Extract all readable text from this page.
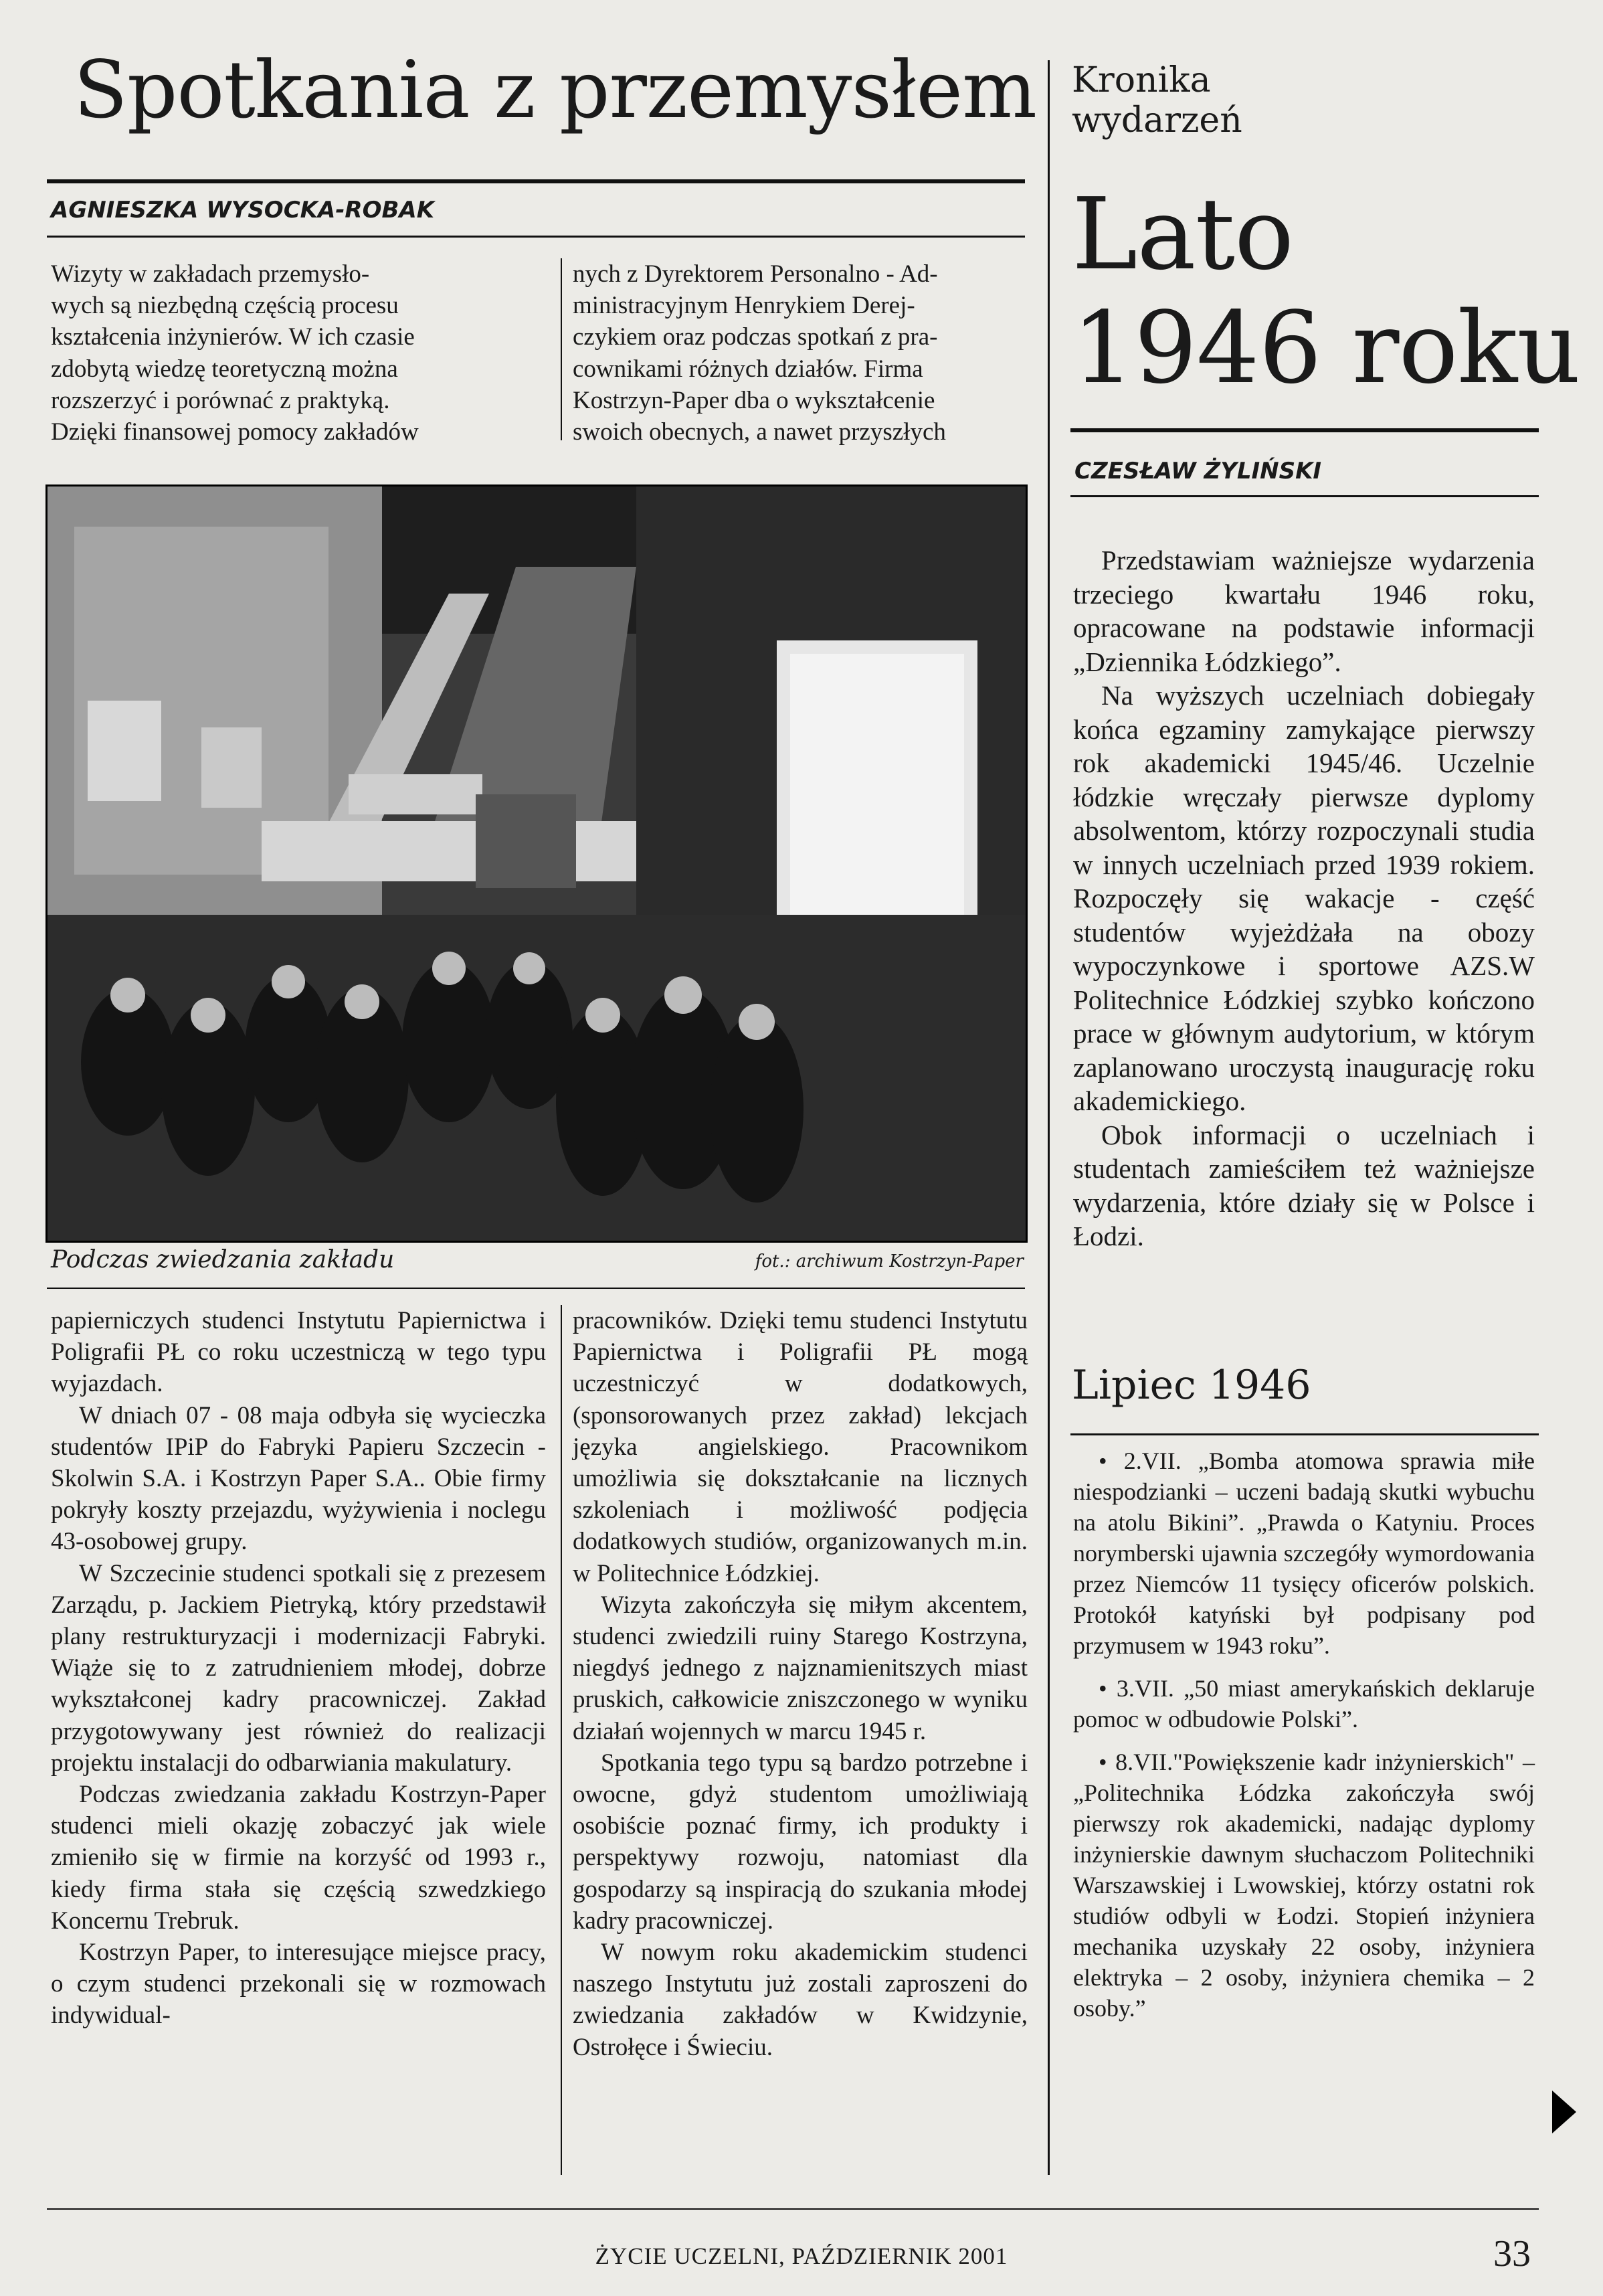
Spotkania z przemysłem
AGNIESZKA WYSOCKA-ROBAK
Wizyty w zakładach przemysło-
wych są niezbędną częścią procesu
kształcenia inżynierów. W ich czasie
zdobytą wiedzę teoretyczną można
rozszerzyć i porównać z praktyką.
Dzięki finansowej pomocy zakładów
nych z Dyrektorem Personalno - Ad-
ministracyjnym Henrykiem Derej-
czykiem oraz podczas spotkań z pra-
cownikami różnych działów. Firma
Kostrzyn-Paper dba o wykształcenie
swoich obecnych, a nawet przyszłych
Podczas zwiedzania zakładu	fot.: archiwum Kostrzyn-Paper

papierniczych studenci Instytutu Papiernictwa i Poligrafii PŁ co roku uczestniczą w tego typu wyjazdach.

W dniach 07 - 08 maja odbyła się wycieczka studentów IPiP do Fabryki Papieru Szczecin - Skolwin S.A. i Kostrzyn Paper S.A.. Obie firmy pokryły koszty przejazdu, wyżywienia i noclegu 43-osobowej grupy.

W Szczecinie studenci spotkali się z prezesem Zarządu, p. Jackiem Pietryką, który przedstawił plany restrukturyzacji i modernizacji Fabryki. Wiąże się to z zatrudnieniem młodej, dobrze wykształconej kadry pracowniczej. Zakład przygotowywany jest również do realizacji projektu instalacji do odbarwiania makulatury.

Podczas zwiedzania zakładu Kostrzyn-Paper studenci mieli okazję zobaczyć jak wiele zmieniło się w firmie na korzyść od 1993 r., kiedy firma stała się częścią szwedzkiego Koncernu Trebruk.

Kostrzyn Paper, to interesujące miejsce pracy, o czym studenci przekonali się w rozmowach indywidual-

pracowników. Dzięki temu studenci Instytutu Papiernictwa i Poligrafii PŁ mogą uczestniczyć w dodatkowych, (sponsorowanych przez zakład) lekcjach języka angielskiego. Pracownikom umożliwia się dokształcanie na licznych szkoleniach i możliwość podjęcia dodatkowych studiów, organizowanych m.in. w Politechnice Łódzkiej.

Wizyta zakończyła się miłym akcentem, studenci zwiedzili ruiny Starego Kostrzyna, niegdyś jednego z najznamienitszych miast pruskich, całkowicie zniszczonego w wyniku działań wojennych w marcu 1945 r.

Spotkania tego typu są bardzo potrzebne i owocne, gdyż studentom umożliwiają osobiście poznać firmy, ich produkty i perspektywy rozwoju, natomiast dla gospodarzy są inspiracją do szukania młodej kadry pracowniczej.

W nowym roku akademickim studenci naszego Instytutu już zostali zaproszeni do zwiedzania zakładów w Kwidzynie, Ostrołęce i Świeciu.

Kronika
wydarzeń
Lato
1946 roku
CZESŁAW ŻYLIŃSKI

Przedstawiam ważniejsze wydarzenia trzeciego kwartału 1946 roku, opracowane na podstawie informacji „Dziennika Łódzkiego”.

Na wyższych uczelniach dobiegały końca egzaminy zamykające pierwszy rok akademicki 1945/46. Uczelnie łódzkie wręczały pierwsze dyplomy absolwentom, którzy rozpoczynali studia w innych uczelniach przed 1939 rokiem. Rozpoczęły się wakacje - część studentów wyjeżdżała na obozy wypoczynkowe i sportowe AZS.W Politechnice Łódzkiej szybko kończono prace w głównym audytorium, w którym zaplanowano uroczystą inaugurację roku akademickiego.

Obok informacji o uczelniach i studentach zamieściłem też ważniejsze wydarzenia, które działy się w Polsce i Łodzi.

Lipiec 1946

• 2.VII. „Bomba atomowa sprawia miłe niespodzianki – uczeni badają skutki wybuchu na atolu Bikini”. „Prawda o Katyniu. Proces norymberski ujawnia szczegóły wymordowania przez Niemców 11 tysięcy oficerów polskich. Protokół katyński był podpisany pod przymusem w 1943 roku”.

• 3.VII. „50 miast amerykańskich deklaruje pomoc w odbudowie Polski”.

• 8.VII."Powiększenie kadr inżynierskich" – „Politechnika Łódzka zakończyła swój pierwszy rok akademicki, nadając dyplomy inżynierskie dawnym słuchaczom Politechniki Warszawskiej i Lwowskiej, którzy ostatni rok studiów odbyli w Łodzi. Stopień inżyniera mechanika uzyskały 22 osoby, inżyniera elektryka – 2 osoby, inżyniera chemika – 2 osoby.”

ŻYCIE UCZELNI, PAŹDZIERNIK 2001	33
